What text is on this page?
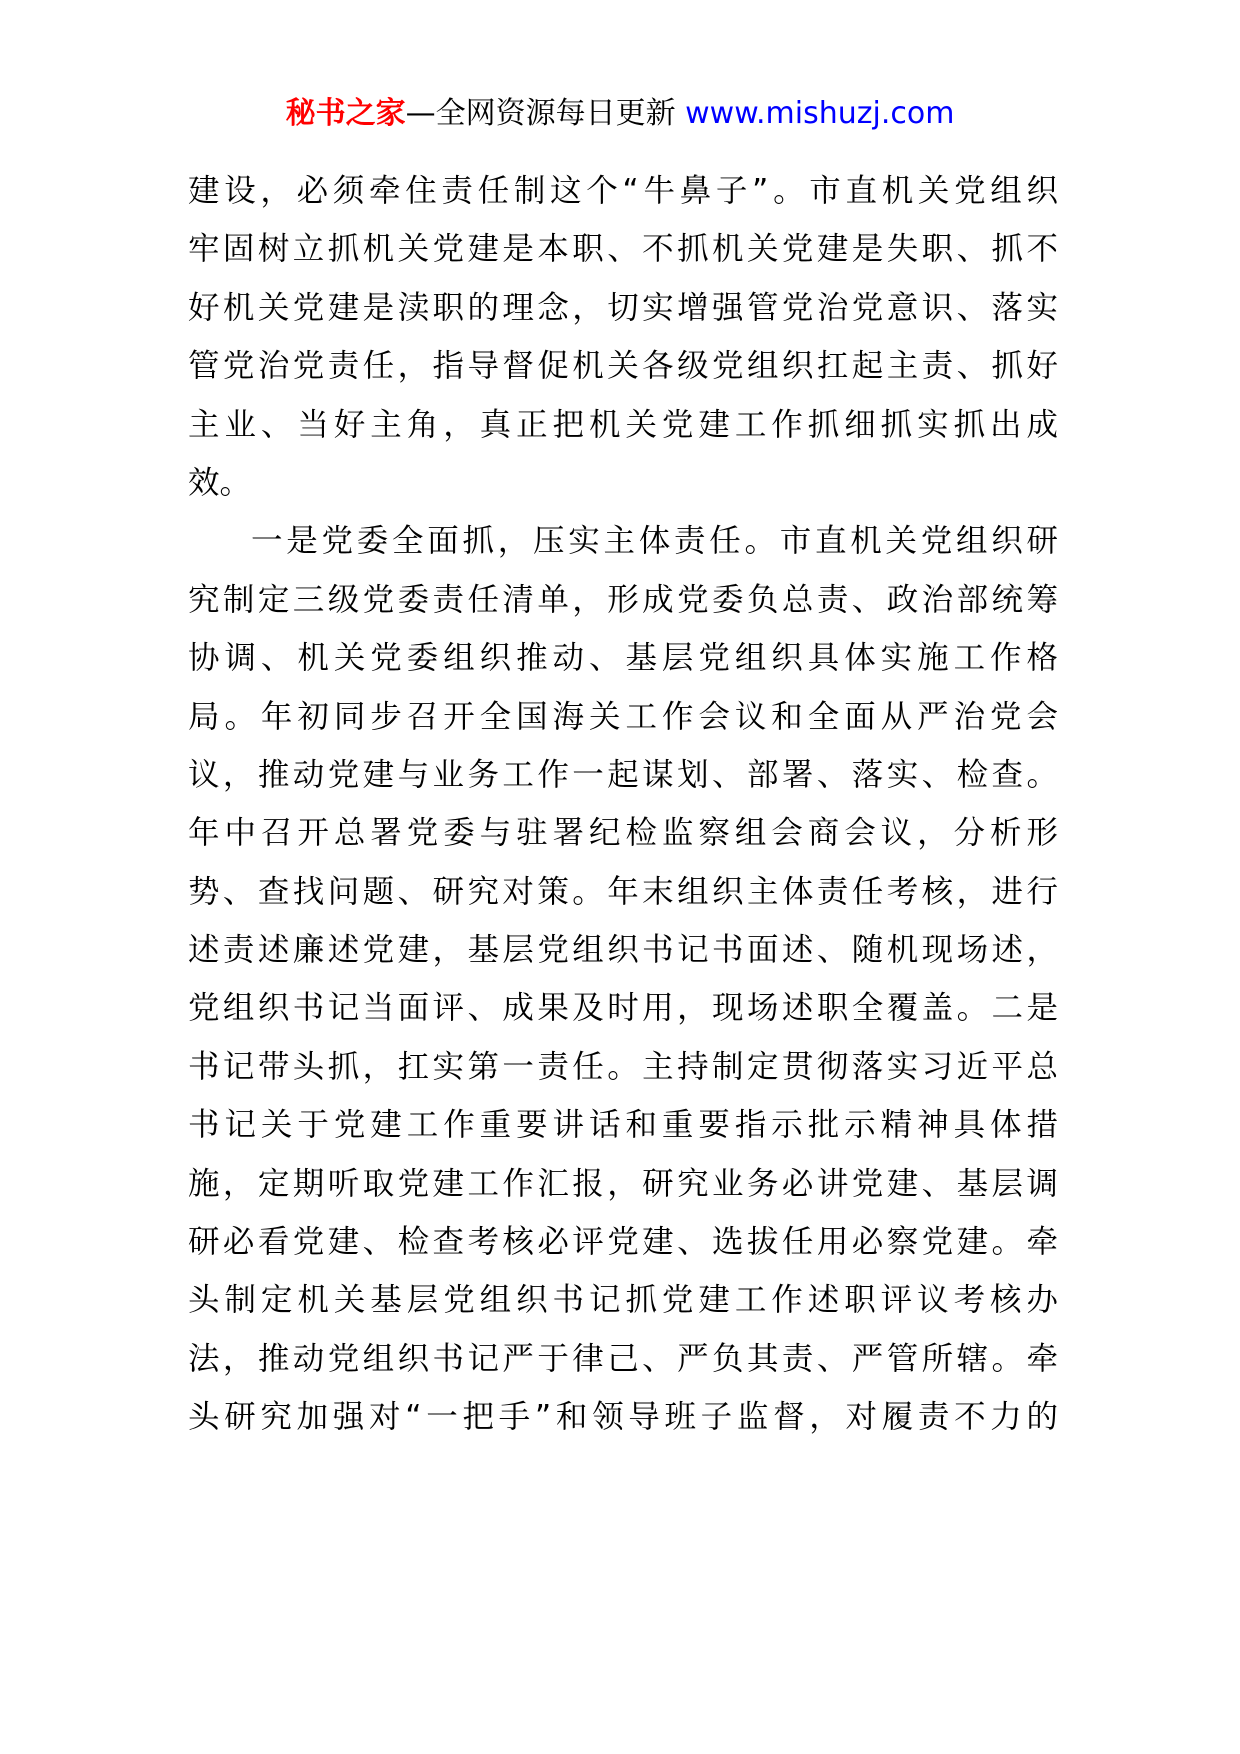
秘书之家—全网资源每日更新 www.mishuzj.com
建设，必须牵住责任制这个“牛鼻子”。市直机关党组织
牢固树立抓机关党建是本职、不抓机关党建是失职、抓不
好机关党建是渎职的理念，切实增强管党治党意识、落实
管党治党责任，指导督促机关各级党组织扛起主责、抓好
主业、当好主角，真正把机关党建工作抓细抓实抓出成
效。
一是党委全面抓，压实主体责任。市直机关党组织研
究制定三级党委责任清单，形成党委负总责、政治部统筹
协调、机关党委组织推动、基层党组织具体实施工作格
局。年初同步召开全国海关工作会议和全面从严治党会
议，推动党建与业务工作一起谋划、部署、落实、检查。
年中召开总署党委与驻署纪检监察组会商会议，分析形
势、查找问题、研究对策。年末组织主体责任考核，进行
述责述廉述党建，基层党组织书记书面述、随机现场述，
党组织书记当面评、成果及时用，现场述职全覆盖。二是
书记带头抓，扛实第一责任。主持制定贯彻落实习近平总
书记关于党建工作重要讲话和重要指示批示精神具体措
施，定期听取党建工作汇报，研究业务必讲党建、基层调
研必看党建、检查考核必评党建、选拔任用必察党建。牵
头制定机关基层党组织书记抓党建工作述职评议考核办
法，推动党组织书记严于律己、严负其责、严管所辖。牵
头研究加强对“一把手”和领导班子监督，对履责不力的
